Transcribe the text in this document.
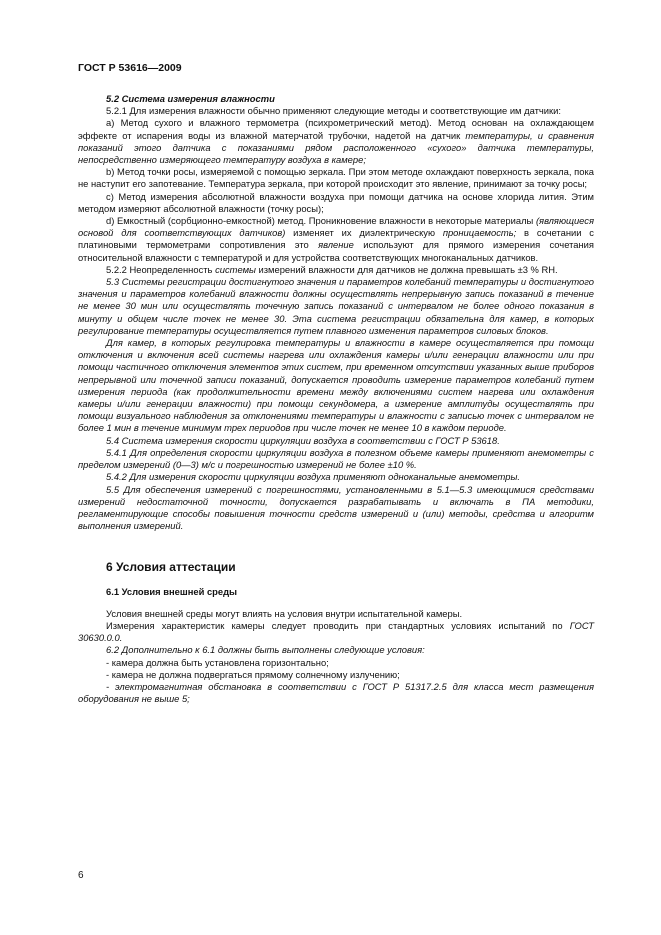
ГОСТ Р 53616—2009

5.2 Система измерения влажности

5.2.1 Для измерения влажности обычно применяют следующие методы и соответствующие им датчики:

а) Метод сухого и влажного термометра (психрометрический метод). Метод основан на охлаждающем эффекте от испарения воды из влажной матерчатой трубочки, надетой на датчик температуры, и сравнения показаний этого датчика с показаниями рядом расположенного «сухого» датчика температуры, непосредственно измеряющего температуру воздуха в камере;

b) Метод точки росы, измеряемой с помощью зеркала. При этом методе охлаждают поверхность зеркала, пока не наступит его запотевание. Температура зеркала, при которой происходит это явление, принимают за точку росы;

c) Метод измерения абсолютной влажности воздуха при помощи датчика на основе хлорида лития. Этим методом измеряют абсолютной влажности (точку росы);

d) Емкостный (сорбционно-емкостной) метод. Проникновение влажности в некоторые материалы (являющиеся основой для соответствующих датчиков) изменяет их диэлектрическую проницаемость; в сочетании с платиновыми термометрами сопротивления это явление используют для прямого измерения сочетания относительной влажности с температурой и для устройства соответствующих многоканальных датчиков.

5.2.2 Неопределенность системы измерений влажности для датчиков не должна превышать ±3 % RH.

5.3 Системы регистрации достигнутого значения и параметров колебаний температуры и достигнутого значения и параметров колебаний влажности должны осуществлять непрерывную запись показаний в течение не менее 30 мин или осуществлять точечную запись показаний с интервалом не более одного показания в минуту и общем числе точек не менее 30. Эта система регистрации обязательна для камер, в которых регулирование температуры осуществляется путем плавного изменения параметров силовых блоков.

Для камер, в которых регулировка температуры и влажности в камере осуществляется при помощи отключения и включения всей системы нагрева или охлаждения камеры и/или генерации влажности или при помощи частичного отключения элементов этих систем, при временном отсутствии указанных выше приборов непрерывной или точечной записи показаний, допускается проводить измерение параметров колебаний путем измерения периода (как продолжительности времени между включениями систем нагрева или охлаждения камеры и/или генерации влажности) при помощи секундомера, а измерение амплитуды осуществлять при помощи визуального наблюдения за отклонениями температуры и влажности с записью точек с интервалом не более 1 мин в течение минимум трех периодов при числе точек не менее 10 в каждом периоде.

5.4 Система измерения скорости циркуляции воздуха в соответствии с ГОСТ Р 53618.

5.4.1 Для определения скорости циркуляции воздуха в полезном объеме камеры применяют анемометры с пределом измерений (0—3) м/с и погрешностью измерений не более ±10 %.

5.4.2 Для измерения скорости циркуляции воздуха применяют одноканальные анемометры.

5.5 Для обеспечения измерений с погрешностями, установленными в 5.1—5.3 имеющимися средствами измерений недостаточной точности, допускается разрабатывать и включать в ПА методики, регламентирующие способы повышения точности средств измерений и (или) методы, средства и алгоритм выполнения измерений.

6 Условия аттестации
6.1 Условия внешней среды

Условия внешней среды могут влиять на условия внутри испытательной камеры.

Измерения характеристик камеры следует проводить при стандартных условиях испытаний по ГОСТ 30630.0.0.

6.2 Дополнительно к 6.1 должны быть выполнены следующие условия:

- камера должна быть установлена горизонтально;

- камера не должна подвергаться прямому солнечному излучению;

- электромагнитная обстановка в соответствии с ГОСТ Р 51317.2.5 для класса мест размещения оборудования не выше 5;

6
